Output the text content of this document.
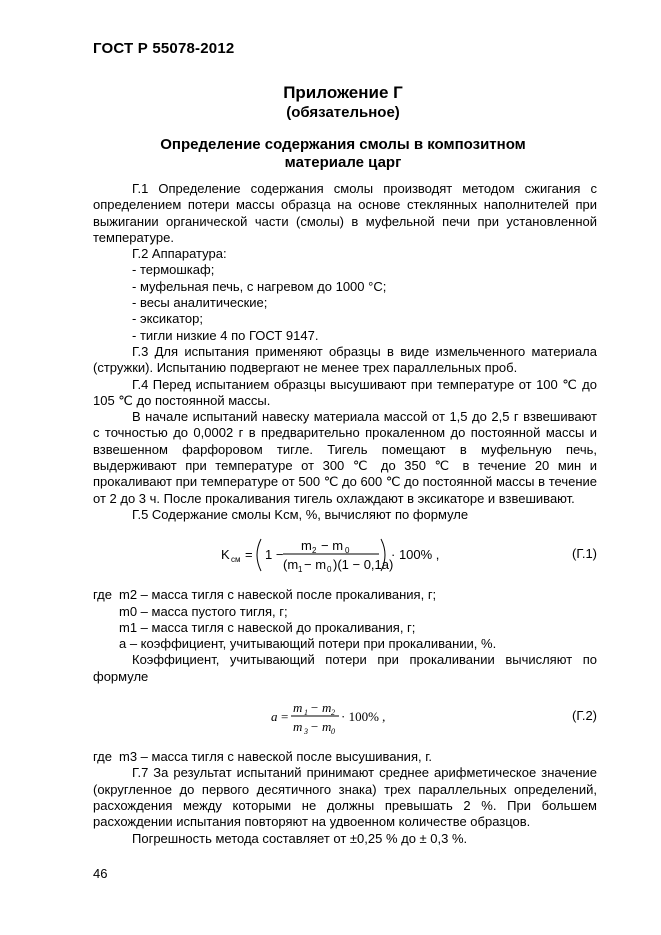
ГОСТ Р 55078-2012
Приложение Г
(обязательное)
Определение содержания смолы в композитном
материале царг

Г.1 Определение содержания смолы производят методом сжигания с определением потери массы образца на основе стеклянных наполнителей при выжигании органической части (смолы) в муфельной печи при установленной температуре.

Г.2 Аппаратура:

- термошкаф;

- муфельная печь, с нагревом до 1000 °С;

- весы аналитические;

- эксикатор;

- тигли низкие 4 по ГОСТ 9147.

Г.3 Для испытания применяют образцы в виде измельченного материала (стружки). Испытанию подвергают не менее трех параллельных проб.

Г.4 Перед испытанием образцы высушивают при температуре от 100 ℃ до 105 ℃ до постоянной массы.

В начале испытаний навеску материала массой от 1,5 до 2,5 г взвешивают с точностью до 0,0002 г в предварительно прокаленном до постоянной массы и взвешенном фарфоровом тигле. Тигель помещают в муфельную печь, выдерживают при температуре от 300 ℃ до 350 ℃ в течение 20 мин и прокаливают при температуре от 500 ℃ до 600 ℃ до постоянной массы в течение от 2 до 3 ч. После прокаливания тигель охлаждают в эксикаторе и взвешивают.

Г.5 Содержание смолы Kсм, %, вычисляют по формуле

K см = 1 −
m 2 − m 0
(m 1 − m 0 )(1 − 0,1a)
· 100% ,	(Г.1)
где m2 – масса тигля с навеской после прокаливания, г;

m0 – масса пустого тигля, г;

m1 – масса тигля с навеской до прокаливания, г;

a – коэффициент, учитывающий потери при прокаливании, %.

Коэффициент, учитывающий потери при прокаливании вычисляют по формуле

a =
m 1 − m 2
m 3 − m 0
· 100% ,	(Г.2)
где m3 – масса тигля с навеской после высушивания, г.

Г.7 За результат испытаний принимают среднее арифметическое значение (округленное до первого десятичного знака) трех параллельных определений, расхождения между которыми не должны превышать 2 %. При большем расхождении испытания повторяют на удвоенном количестве образцов.

Погрешность метода составляет от ±0,25 % до ± 0,3 %.

46
